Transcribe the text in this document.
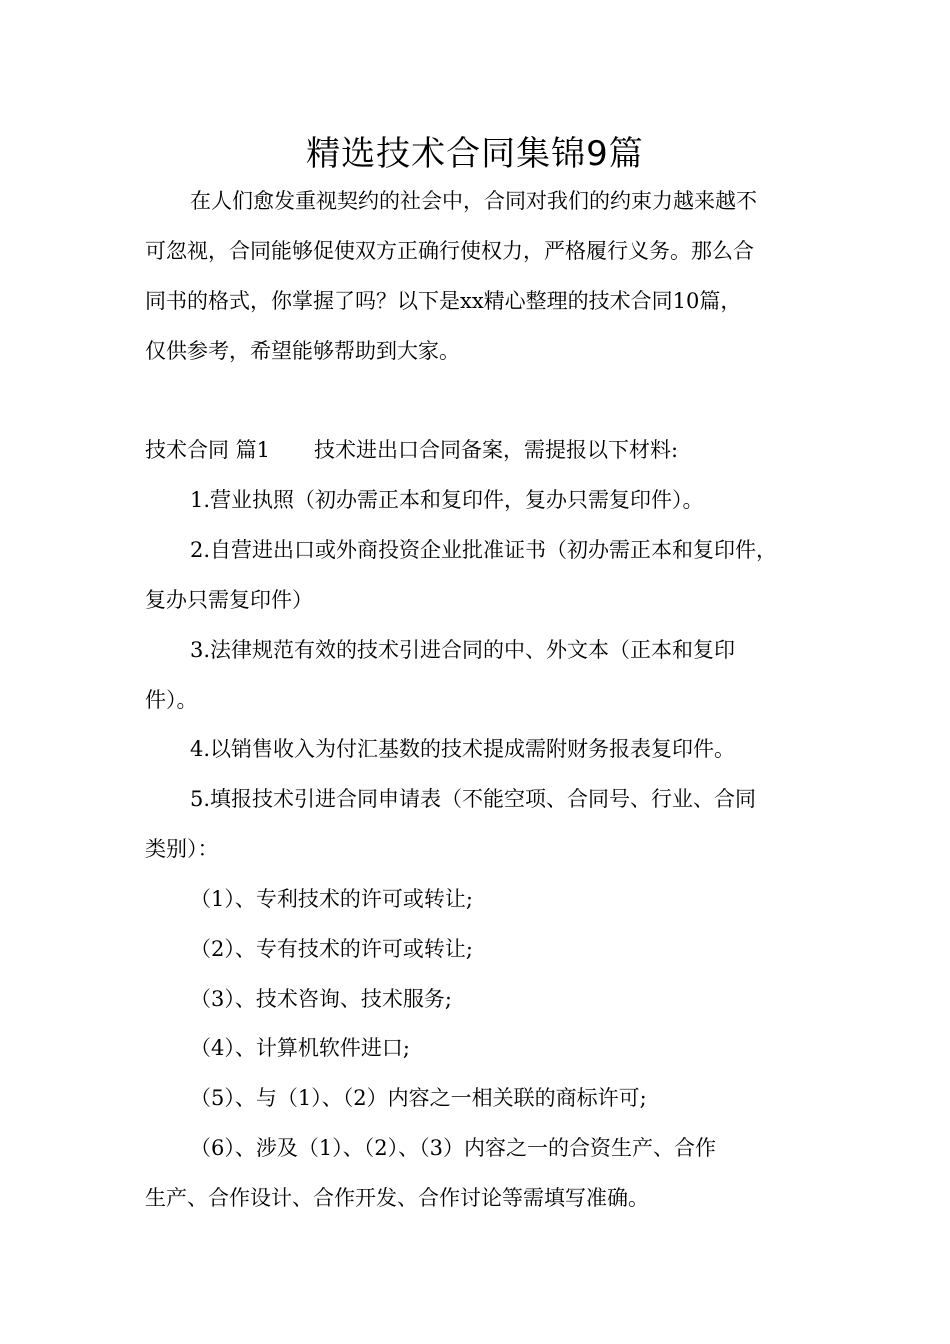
精选技术合同集锦9篇
在人们愈发重视契约的社会中，合同对我们的约束力越来越不
可忽视，合同能够促使双方正确行使权力，严格履行义务。那么合
同书的格式，你掌握了吗？以下是xx精心整理的技术合同10篇，
仅供参考，希望能够帮助到大家。
技术合同 篇1 技术进出口合同备案，需提报以下材料:
1.营业执照（初办需正本和复印件，复办只需复印件）。
2.自营进出口或外商投资企业批准证书（初办需正本和复印件，
复办只需复印件）
3.法律规范有效的技术引进合同的中、外文本（正本和复印
件）。
4.以销售收入为付汇基数的技术提成需附财务报表复印件。
5.填报技术引进合同申请表（不能空项、合同号、行业、合同
类别）：
（1）、专利技术的许可或转让;
（2）、专有技术的许可或转让;
（3）、技术咨询、技术服务;
（4）、计算机软件进口;
（5）、与（1）、（2）内容之一相关联的商标许可;
（6）、涉及（1）、（2）、（3）内容之一的合资生产、合作
生产、合作设计、合作开发、合作讨论等需填写准确。
